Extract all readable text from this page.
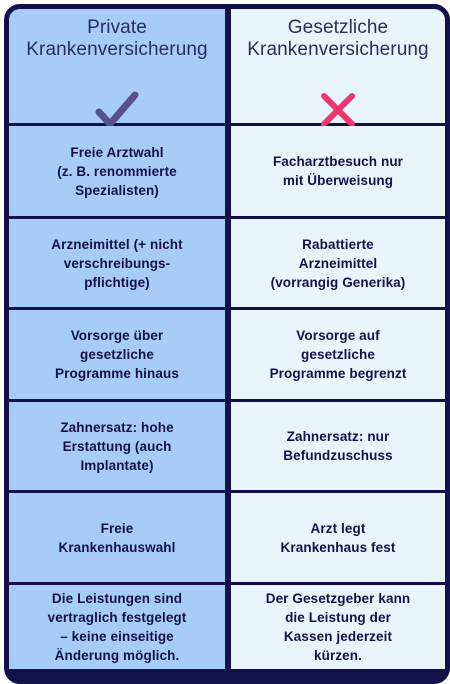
Private
Krankenversicherung

Gesetzliche
Krankenversicherung

Freie Arztwahl
(z. B. renommierte
Spezialisten)
Facharztbesuch nur
mit Überweisung
Arzneimittel (+ nicht
verschreibungs-
pflichtige)
Rabattierte
Arzneimittel
(vorrangig Generika)
Vorsorge über
gesetzliche
Programme hinaus
Vorsorge auf
gesetzliche
Programme begrenzt
Zahnersatz: hohe
Erstattung (auch
Implantate)
Zahnersatz: nur
Befundzuschuss
Freie
Krankenhauswahl
Arzt legt
Krankenhaus fest
Die Leistungen sind
vertraglich festgelegt
– keine einseitige
Änderung möglich.
Der Gesetzgeber kann
die Leistung der
Kassen jederzeit
kürzen.
